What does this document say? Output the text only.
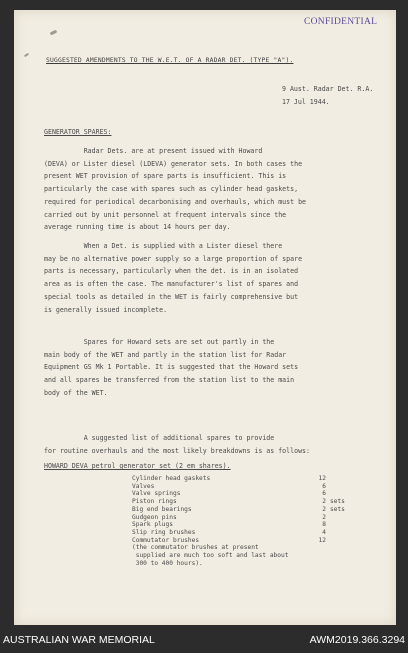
CONFIDENTIAL
SUGGESTED AMENDMENTS TO THE W.E.T. OF A RADAR DET. (TYPE "A").
9 Aust. Radar Det. R.A.
17 Jul 1944.
GENERATOR SPARES:
Radar Dets. are at present issued with Howard
(DEVA) or Lister diesel (LDEVA) generator sets. In both cases the
present WET provision of spare parts is insufficient. This is
particularly the case with spares such as cylinder head gaskets,
required for periodical decarbonising and overhauls, which must be
carried out by unit personnel at frequent intervals since the
average running time is about 14 hours per day.
When a Det. is supplied with a Lister diesel there
may be no alternative power supply so a large proportion of spare
parts is necessary, particularly when the det. is in an isolated
area as is often the case. The manufacturer's list of spares and
special tools as detailed in the WET is fairly comprehensive but
is generally issued incomplete.
Spares for Howard sets are set out partly in the
main body of the WET and partly in the station list for Radar
Equipment GS Mk 1 Portable. It is suggested that the Howard sets
and all spares be transferred from the station list to the main
body of the WET.
A suggested list of additional spares to provide
for routine overhauls and the most likely breakdowns is as follows:
HOWARD DEVA petrol generator set (2 em shares).
Cylinder head gaskets	12
Valves	6
Valve springs	6
Piston rings	2 sets
Big end bearings	2 sets
Gudgeon pins	2
Spark plugs	8
Slip ring brushes	4
Commutator brushes	12
(the commutator brushes at present
supplied are much too soft and last about
300 to 400 hours).
AUSTRALIAN WAR MEMORIAL	AWM2019.366.3294
